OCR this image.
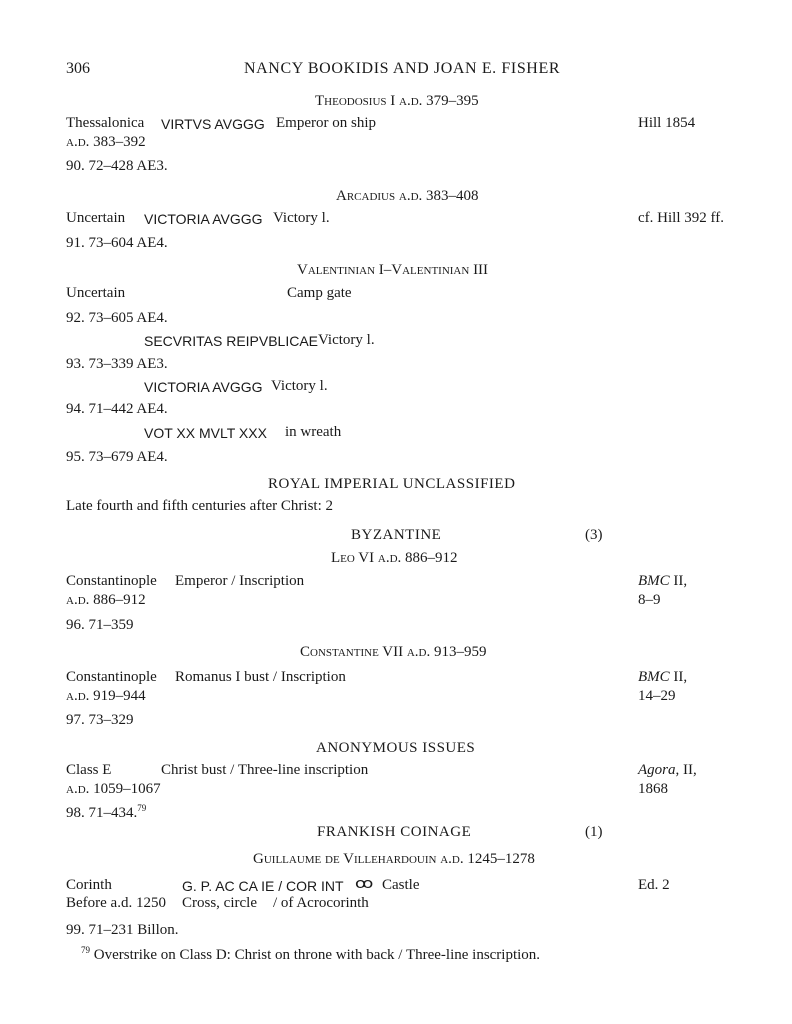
306	NANCY BOOKIDIS AND JOAN E. FISHER
Theodosius I a.d. 379–395
Thessalonica VIRTVS AVGGG Emperor on ship	Hill 1854
a.d. 383–392
90. 72–428 AE3.
Arcadius a.d. 383–408
Uncertain VICTORIA AVGGG Victory l.	cf. Hill 392 ff.
91. 73–604 AE4.
Valentinian I–Valentinian III
Uncertain	Camp gate
92. 73–605 AE4.
SECVRITAS REIPVBLICAE Victory l.
93. 73–339 AE3.
VICTORIA AVGGG Victory l.
94. 71–442 AE4.
VOT XX MVLT XXX in wreath
95. 73–679 AE4.
ROYAL IMPERIAL UNCLASSIFIED
Late fourth and fifth centuries after Christ: 2
BYZANTINE	(3)
Leo VI a.d. 886–912
Constantinople Emperor / Inscription	BMC II,
a.d. 886–912	8–9
96. 71–359
Constantine VII a.d. 913–959
Constantinople Romanus I bust / Inscription	BMC II,
a.d. 919–944	14–29
97. 73–329
ANONYMOUS ISSUES
Class E	Christ bust / Three-line inscription	Agora, II,
a.d. 1059–1067	1868
98. 71–434.79
FRANKISH COINAGE	(1)
Guillaume de Villehardouin a.d. 1245–1278
Corinth	G. P. AC CA IE / COR INT ꝏ Castle	Ed. 2
Before a.d. 1250 Cross, circle / of Acrocorinth
99. 71–231 Billon.
$^{79}$ Overstrike on Class D: Christ on throne with back / Three-line inscription.
